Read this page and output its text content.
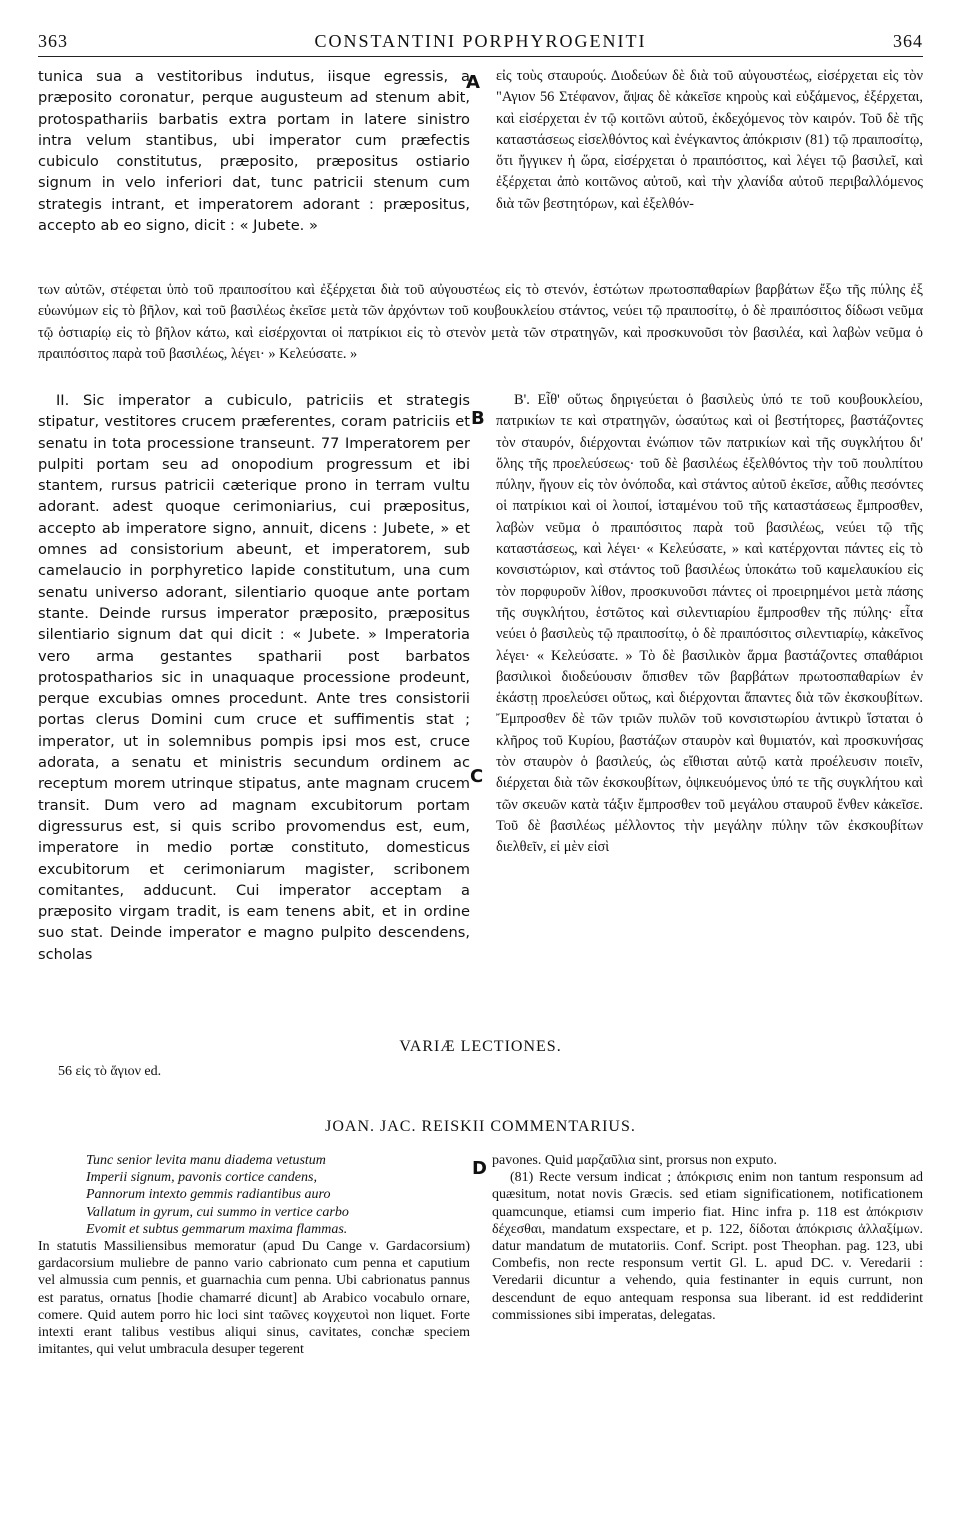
363	CONSTANTINI PORPHYROGENITI	364

tunica sua a vestitoribus indutus, iisque egressis, a præposito coronatur, perque augusteum ad stenum abit, protospathariis barbatis extra portam in latere sinistro intra velum stantibus, ubi imperator cum præfectis cubiculo constitutus, præposito, præpositus ostiario signum in velo inferiori dat, tunc patricii stenum cum strategis intrant, et imperatorem adorant : præpositus, accepto ab eo signo, dicit : « Jubete. »

II. Sic imperator a cubiculo, patriciis et strategis stipatur, vestitores crucem præferentes, coram patriciis et senatu in tota processione transeunt. 77 Imperatorem per pulpiti portam seu ad onopodium progressum et ibi stantem, rursus patricii cæterique prono in terram vultu adorant. adest quoque cerimoniarius, cui præpositus, accepto ab imperatore signo, annuit, dicens : Jubete, » et omnes ad consistorium abeunt, et imperatorem, sub camelaucio in porphyretico lapide constitutum, una cum senatu universo adorant, silentiario quoque ante portam stante. Deinde rursus imperator præposito, præpositus silentiario signum dat qui dicit : « Jubete. » Imperatoria vero arma gestantes spatharii post barbatos protospatharios sic in unaquaque processione prodeunt, perque excubias omnes procedunt. Ante tres consistorii portas clerus Domini cum cruce et suffimentis stat ; imperator, ut in solemnibus pompis ipsi mos est, cruce adorata, a senatu et ministris secundum ordinem ac receptum morem utrinque stipatus, ante magnam crucem transit. Dum vero ad magnam excubitorum portam digressurus est, si quis scribo provomendus est, eum, imperatore in medio portæ constituto, domesticus excubitorum et cerimoniarum magister, scribonem comitantes, adducunt. Cui imperator acceptam a præposito virgam tradit, is eam tenens abit, et in ordine suo stat. Deinde imperator e magno pulpito descendens, scholas

εἰς τοὺς σταυρούς. Διοδεύων δὲ διὰ τοῦ αὐγουστέως, εἰσέρχεται εἰς τὸν "Αγιον 56 Στέφανον, ἅψας δὲ κἀκεῖσε κηροὺς καὶ εὐξάμενος, ἐξέρχεται, καὶ εἰσέρχεται ἐν τῷ κοιτῶνι αὐτοῦ, ἐκδεχόμενος τὸν καιρόν. Τοῦ δὲ τῆς καταστάσεως εἰσελθόντος καὶ ἐνέγκαντος ἀπόκρισιν (81) τῷ πραιποσίτῳ, ὅτι ἤγγικεν ἡ ὥρα, εἰσέρχεται ὁ πραιπόσιτος, καὶ λέγει τῷ βασιλεῖ, καὶ ἐξέρχεται ἀπὸ κοιτῶνος αὐτοῦ, καὶ τὴν χλανίδα αὐτοῦ περιβαλλόμενος διὰ τῶν βεστητόρων, καὶ ἐξελθόν-

Β'. Εἶθ' οὕτως δηριγεύεται ὁ βασιλεὺς ὑπό τε τοῦ κουβουκλείου, πατρικίων τε καὶ στρατηγῶν, ὡσαύτως καὶ οἱ βεστήτορες, βαστάζοντες τὸν σταυρόν, διέρχονται ἐνώπιον τῶν πατρικίων καὶ τῆς συγκλήτου δι' ὅλης τῆς προελεύσεως· τοῦ δὲ βασιλέως ἐξελθόντος τὴν τοῦ πουλπίτου πύλην, ἤγουν εἰς τὸν ὀνόποδα, καὶ στάντος αὐτοῦ ἐκεῖσε, αὖθις πεσόντες οἱ πατρίκιοι καὶ οἱ λοιποί, ἱσταμένου τοῦ τῆς καταστάσεως ἔμπροσθεν, λαβὼν νεῦμα ὁ πραιπόσιτος παρὰ τοῦ βασιλέως, νεύει τῷ τῆς καταστάσεως, καὶ λέγει· « Κελεύσατε, » καὶ κατέρχονται πάντες εἰς τὸ κονσιστώριον, καὶ στάντος τοῦ βασιλέως ὑποκάτω τοῦ καμελαυκίου εἰς τὸν πορφυροῦν λίθον, προσκυνοῦσι πάντες οἱ προειρημένοι μετὰ πάσης τῆς συγκλήτου, ἑστῶτος καὶ σιλεντιαρίου ἔμπροσθεν τῆς πύλης· εἶτα νεύει ὁ βασιλεὺς τῷ πραιποσίτῳ, ὁ δὲ πραιπόσιτος σιλεντιαρίῳ, κἀκεῖνος λέγει· « Κελεύσατε. » Τὸ δὲ βασιλικὸν ἅρμα βαστάζοντες σπαθάριοι βασιλικοὶ διοδεύουσιν ὄπισθεν τῶν βαρβάτων πρωτοσπαθαρίων ἐν ἑκάστῃ προελεύσει οὕτως, καὶ διέρχονται ἅπαντες διὰ τῶν ἐκσκουβίτων. Ἔμπροσθεν δὲ τῶν τριῶν πυλῶν τοῦ κονσιστωρίου ἀντικρὺ ἵσταται ὁ κλῆρος τοῦ Κυρίου, βαστάζων σταυρὸν καὶ θυμιατόν, καὶ προσκυνήσας τὸν σταυρὸν ὁ βασιλεύς, ὡς εἴθισται αὐτῷ κατὰ προέλευσιν ποιεῖν, διέρχεται διὰ τῶν ἐκσκουβίτων, ὀψικευόμενος ὑπό τε τῆς συγκλήτου καὶ τῶν σκευῶν κατὰ τάξιν ἔμπροσθεν τοῦ μεγάλου σταυροῦ ἔνθεν κἀκεῖσε. Τοῦ δὲ βασιλέως μέλλοντος τὴν μεγάλην πύλην τῶν ἐκσκουβίτων διελθεῖν, εἰ μὲν εἰσὶ

των αὐτῶν, στέφεται ὑπὸ τοῦ πραιποσίτου καὶ ἐξέρχεται διὰ τοῦ αὐγουστέως εἰς τὸ στενόν, ἑστώτων πρωτοσπαθαρίων βαρβάτων ἔξω τῆς πύλης ἐξ εὐωνύμων εἰς τὸ βῆλον, καὶ τοῦ βασιλέως ἐκεῖσε μετὰ τῶν ἀρχόντων τοῦ κουβουκλείου στάντος, νεύει τῷ πραιποσίτῳ, ὁ δὲ πραιπόσιτος δίδωσι νεῦμα τῷ ὀστιαρίῳ εἰς τὸ βῆλον κάτω, καὶ εἰσέρχονται οἱ πατρίκιοι εἰς τὸ στενὸν μετὰ τῶν στρατηγῶν, καὶ προσκυνοῦσι τὸν βασιλέα, καὶ λαβὼν νεῦμα ὁ πραιπόσιτος παρὰ τοῦ βασιλέως, λέγει· » Κελεύσατε. »
A
B
C
D
VARIÆ LECTIONES.
56 εἰς τὸ ἅγιον ed.
JOAN. JAC. REISKII COMMENTARIUS.
Tunc senior levita manu diadema vetustum
Imperii signum, pavonis cortice candens,
Pannorum intexto gemmis radiantibus auro
Vallatum in gyrum, cui summo in vertice carbo
Evomit et subtus gemmarum maxima flammas.

In statutis Massiliensibus memoratur (apud Du Cange v. Gardacorsium) gardacorsium muliebre de panno vario cabrionato cum penna et caputium vel almussia cum pennis, et guarnachia cum penna. Ubi cabrionatus pannus est paratus, ornatus [hodie chamarré dicunt] ab Arabico vocabulo ornare, comere. Quid autem porro hic loci sint ταῶνες κογχευτοὶ non liquet. Forte intexti erant talibus vestibus aliqui sinus, cavitates, conchæ speciem imitantes, qui velut umbracula desuper tegerent

pavones. Quid μαρζαῦλια sint, prorsus non exputo.

(81) Recte versum indicat ; ἀπόκρισις enim non tantum responsum ad quæsitum, notat novis Græcis. sed etiam significationem, notificationem quamcunque, etiamsi cum imperio fiat. Hinc infra p. 118 est ἀπόκρισιν δέχεσθαι, mandatum exspectare, et p. 122, δίδοται ἀπόκρισις ἀλλαξίμων. datur mandatum de mutatoriis. Conf. Script. post Theophan. pag. 123, ubi Combefis, non recte responsum vertit Gl. L. apud DC. v. Veredarii : Veredarii dicuntur a vehendo, quia festinanter in equis currunt, non descendunt de equo antequam responsa sua liberant. id est reddiderint commissiones sibi imperatas, delegatas.
